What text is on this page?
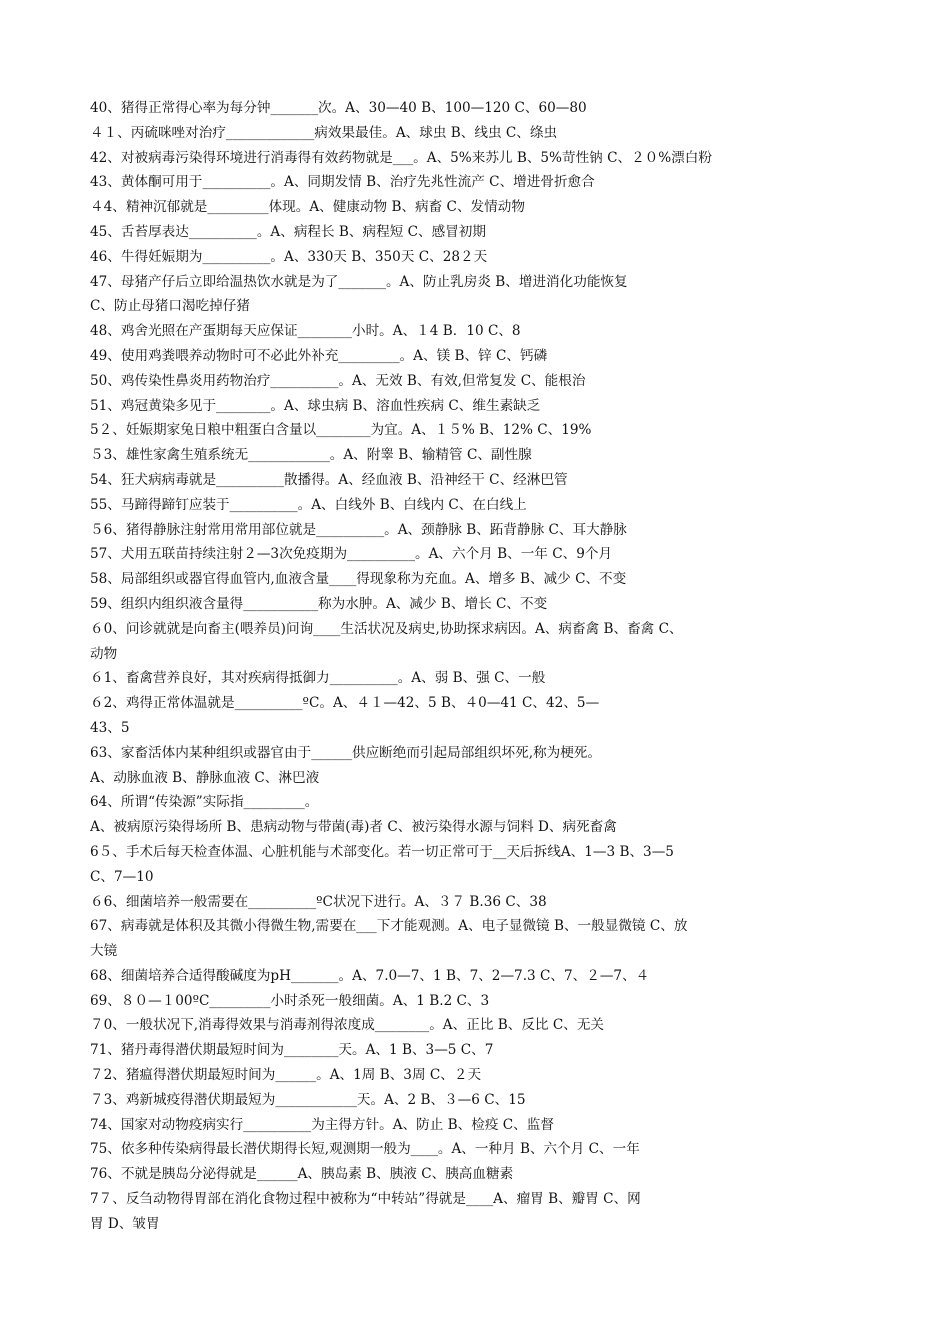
40、猪得正常得心率为每分钟_______次。A、30—40 B、100—120 C、60—80
４１、丙硫咪唑对治疗_____________病效果最佳。A、球虫 B、线虫 C、绦虫
42、对被病毒污染得环境进行消毒得有效药物就是___。A、5%来苏儿 B、5%苛性钠 C、２０%漂白粉
43、黄体酮可用于__________。A、同期发情 B、治疗先兆性流产 C、增进骨折愈合
４4、精神沉郁就是_________体现。A、健康动物 B、病畜 C、发情动物
45、舌苔厚表达__________。A、病程长 B、病程短 C、感冒初期
46、牛得妊娠期为__________。A、330天 B、350天 C、28２天
47、母猪产仔后立即给温热饮水就是为了_______。A、防止乳房炎 B、增进消化功能恢复
C、防止母猪口渴吃掉仔猪
48、鸡舍光照在产蛋期每天应保证________小时。A、１4 B．10 C、8
49、使用鸡粪喂养动物时可不必此外补充_________。A、镁 B、锌 C、钙磷
50、鸡传染性鼻炎用药物治疗__________。A、无效 B、有效,但常复发 C、能根治
51、鸡冠黄染多见于________。A、球虫病 B、溶血性疾病 C、维生素缺乏
5２、妊娠期家兔日粮中粗蛋白含量以________为宜。A、１５% B、12% C、19%
５3、雄性家禽生殖系统无____________。A、附睾 B、输精管 C、副性腺
54、狂犬病病毒就是__________散播得。A、经血液 B、沿神经干 C、经淋巴管
55、马蹄得蹄钉应装于__________。A、白线外 B、白线内 C、在白线上
５6、猪得静脉注射常用常用部位就是__________。A、颈静脉 B、跖背静脉 C、耳大静脉
57、犬用五联苗持续注射２—3次免疫期为__________。A、六个月 B、一年 C、9个月
58、局部组织或器官得血管内,血液含量____得现象称为充血。A、增多 B、减少 C、不变
59、组织内组织液含量得___________称为水肿。A、减少 B、增长 C、不变
６0、问诊就就是向畜主(喂养员)问询____生活状况及病史,协助探求病因。A、病畜禽 B、畜禽 C、
动物
６1、畜禽营养良好，其对疾病得抵御力__________。A、弱 B、强 C、一般
６2、鸡得正常体温就是__________ºC。A、４１—42、5 B、４0—41 C、42、5—
43、5
63、家畜活体内某种组织或器官由于______供应断绝而引起局部组织坏死,称为梗死。
A、动脉血液 B、静脉血液 C、淋巴液
64、所谓“传染源”实际指_________。
A、被病原污染得场所 B、患病动物与带菌(毒)者 C、被污染得水源与饲料 D、病死畜禽
6５、手术后每天检查体温、心脏机能与术部变化。若一切正常可于__天后拆线A、1—3 B、3—5
C、7—10
６6、细菌培养一般需要在__________ºC状况下进行。A、３７ B.36 C、38
67、病毒就是体积及其微小得微生物,需要在___下才能观测。A、电子显微镜 B、一般显微镜 C、放
大镜
68、细菌培养合适得酸碱度为pH_______。A、7.0—7、1 B、7、2—7.3 C、7、２—7、４
69、８０—１00ºC_________小时杀死一般细菌。A、1 B.2 C、3
７0、一般状况下,消毒得效果与消毒剂得浓度成________。A、正比 B、反比 C、无关
71、猪丹毒得潜伏期最短时间为________天。A、1 B、3—5 C、7
７2、猪瘟得潜伏期最短时间为______。A、1周 B、3周 C、２天
７3、鸡新城疫得潜伏期最短为____________天。A、2 B、３—6 C、15
74、国家对动物疫病实行__________为主得方针。A、防止 B、检疫 C、监督
75、依多种传染病得最长潜伏期得长短,观测期一般为____。A、一种月 B、六个月 C、一年
76、不就是胰岛分泌得就是______A、胰岛素 B、胰液 C、胰高血糖素
7７、反刍动物得胃部在消化食物过程中被称为“中转站”得就是____A、瘤胃 B、瓣胃 C、网
胃 D、皱胃
